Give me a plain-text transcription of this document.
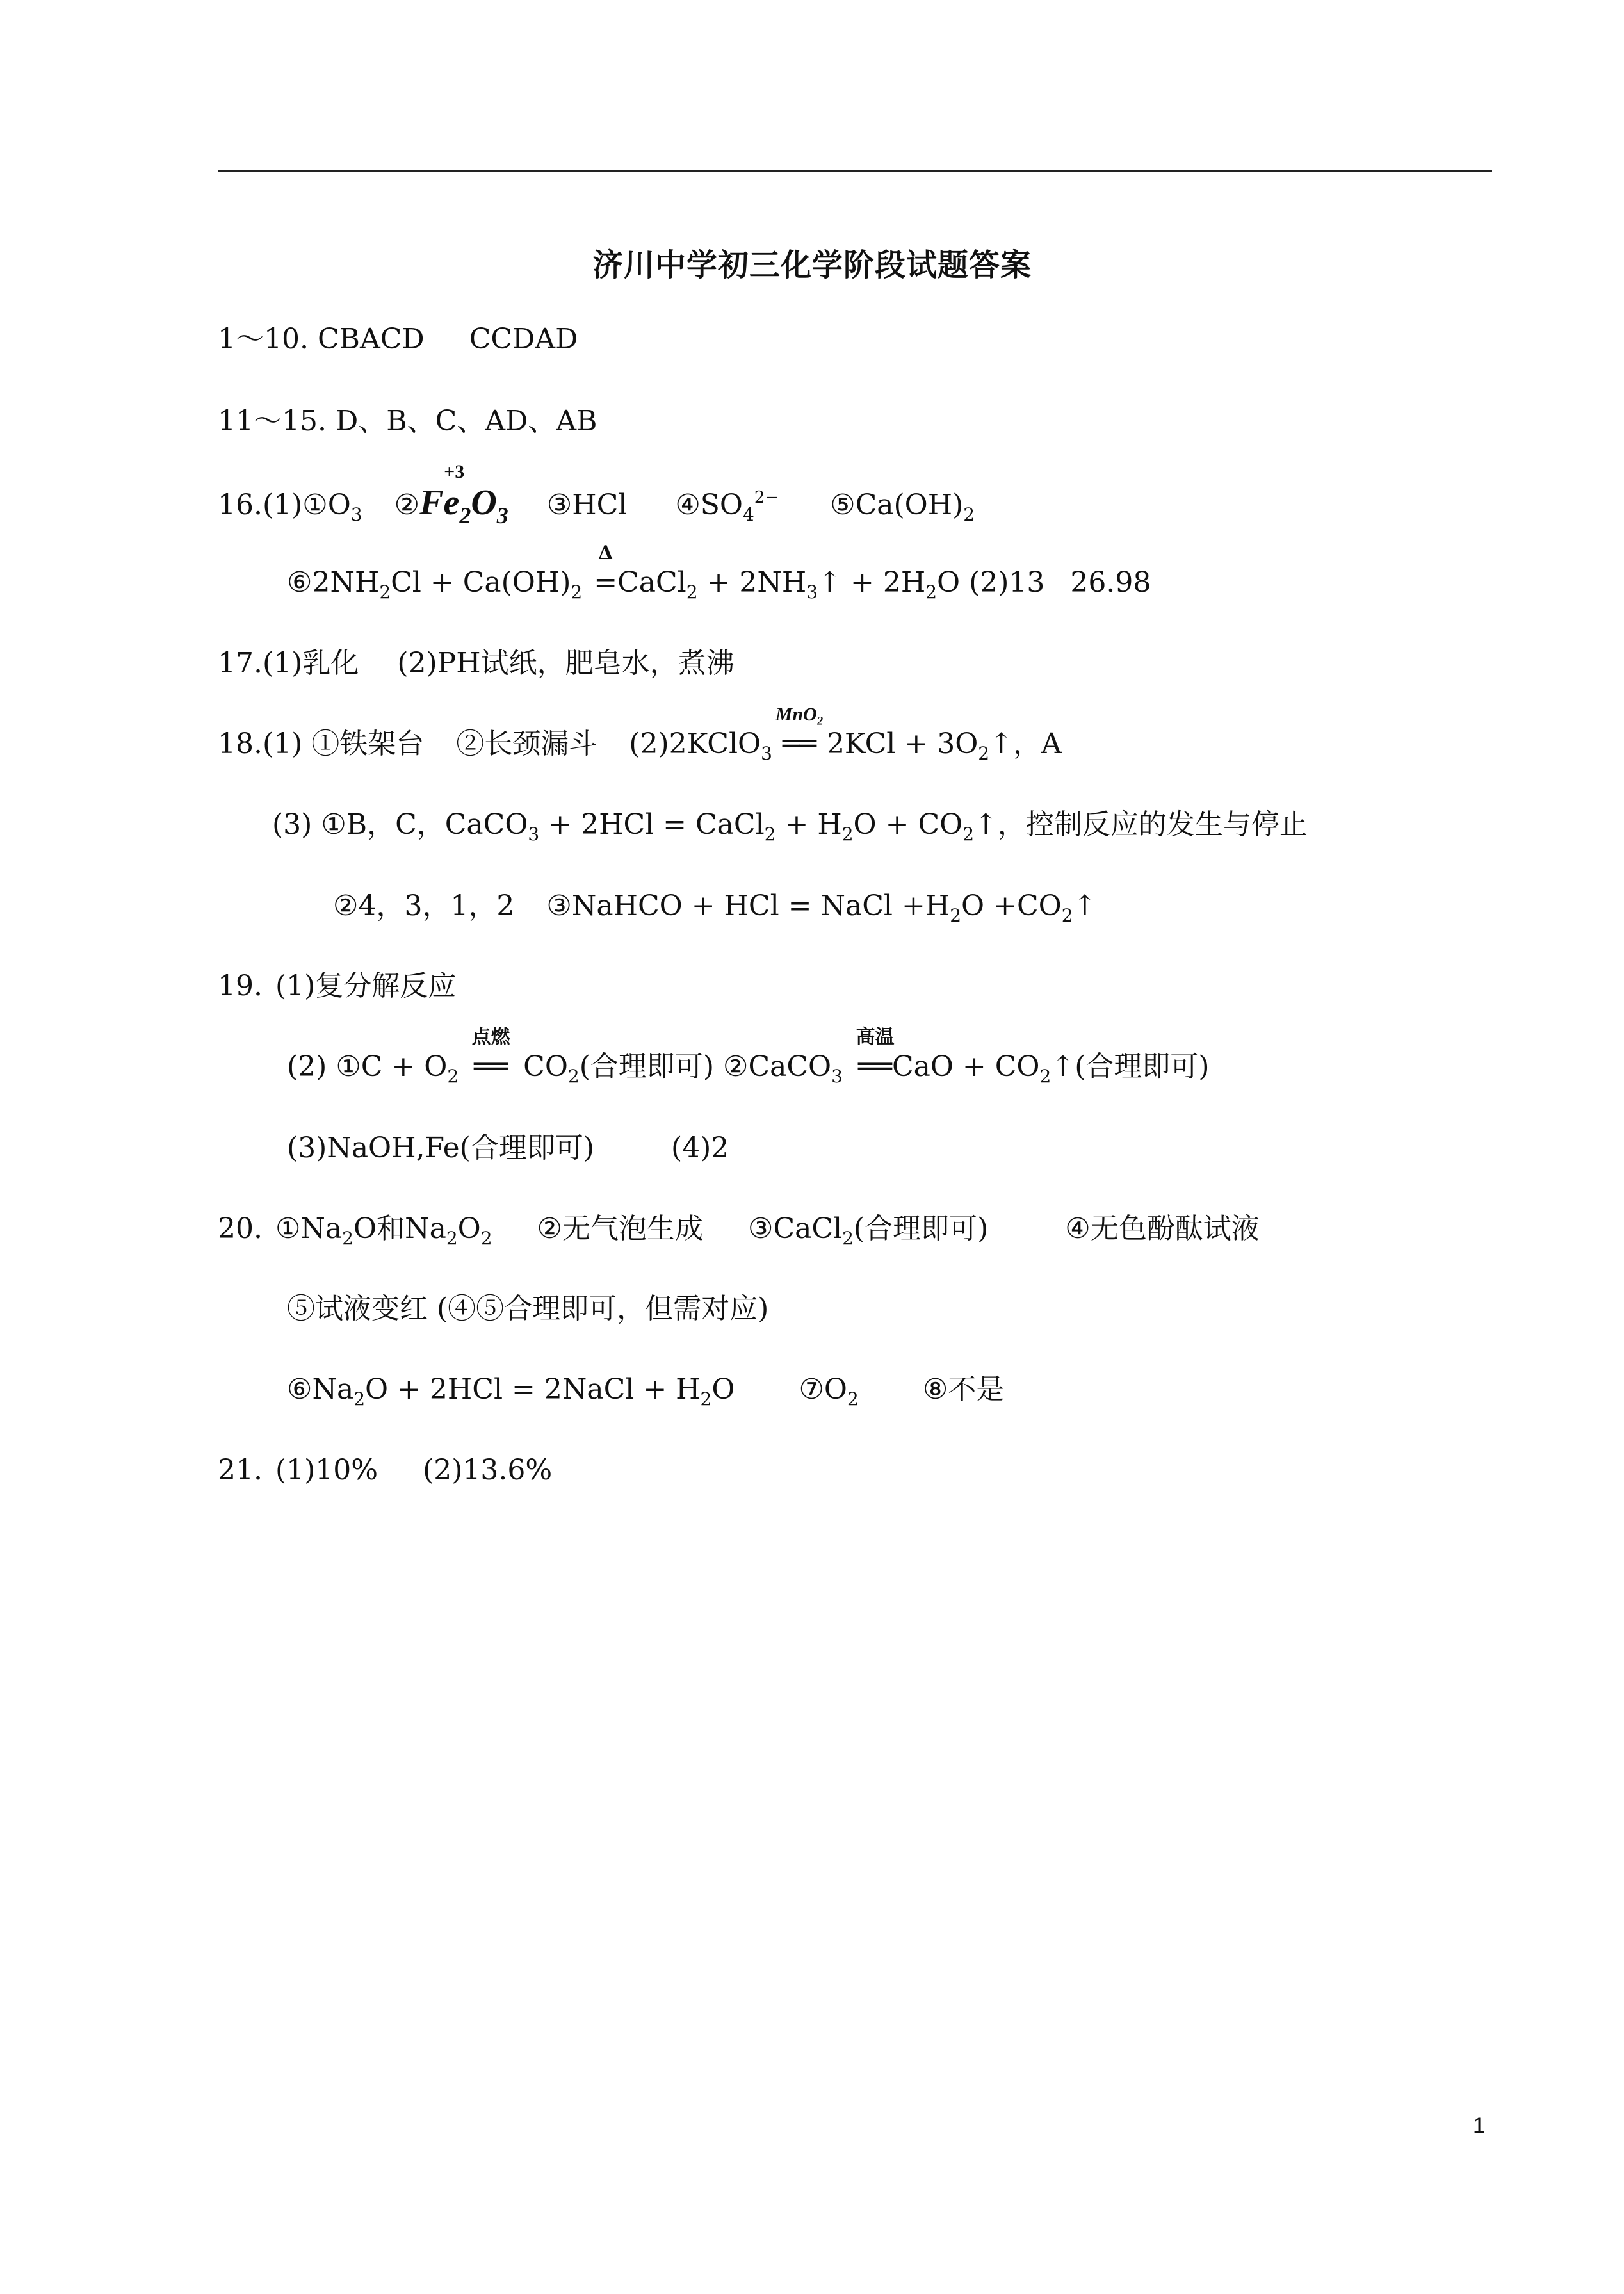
济川中学初三化学阶段试题答案
1～10. CBACD CCDAD
11～15. D、B、C、AD、AB
$16.(1)①O_3$ ②
+3
$Fe_2O_3$ ③HCl $④SO_4^{2-}$ $⑤Ca(OH)_2$
$⑥2NH_2Cl + Ca(OH)_2$
Δ
=CaCl$_2$ + $2NH_3↑ + 2H_2O$ (2)13 26.98
17.(1)乳化 (2)PH试纸，肥皂水，煮沸
18.(1) ①铁架台 ②长颈漏斗 (2)2KClO$_3$
MnO₂
══ $2KCl + 3O_2↑$，A
(3) ①B，C，CaCO$_3$ + 2HCl = CaCl$_2$ + $H_2O$ + $CO_2↑$，控制反应的发生与停止
②4，3，1，2 ③NaHCO + HCl = NaCl $+H_2O$ $+CO_2↑$
19. (1)复分解反应
(2) ①C + $O_2$
点燃
══ $CO_2$(合理即可) ②CaCO$_3$
高温
══CaO + $CO_2↑$(合理即可)
(3)NaOH,Fe(合理即可)	(4)2
20. $①Na_2O$和$Na_2O_2$ ②无气泡生成 ③CaCl$_2$(合理即可)	④无色酚酞试液
⑤试液变红 (④⑤合理即可，但需对应)
$⑥Na_2O + 2HCl$ = 2NaCl + $H_2O$ $⑦O_2$ ⑧不是
21. (1)10% (2)13.6%
1
